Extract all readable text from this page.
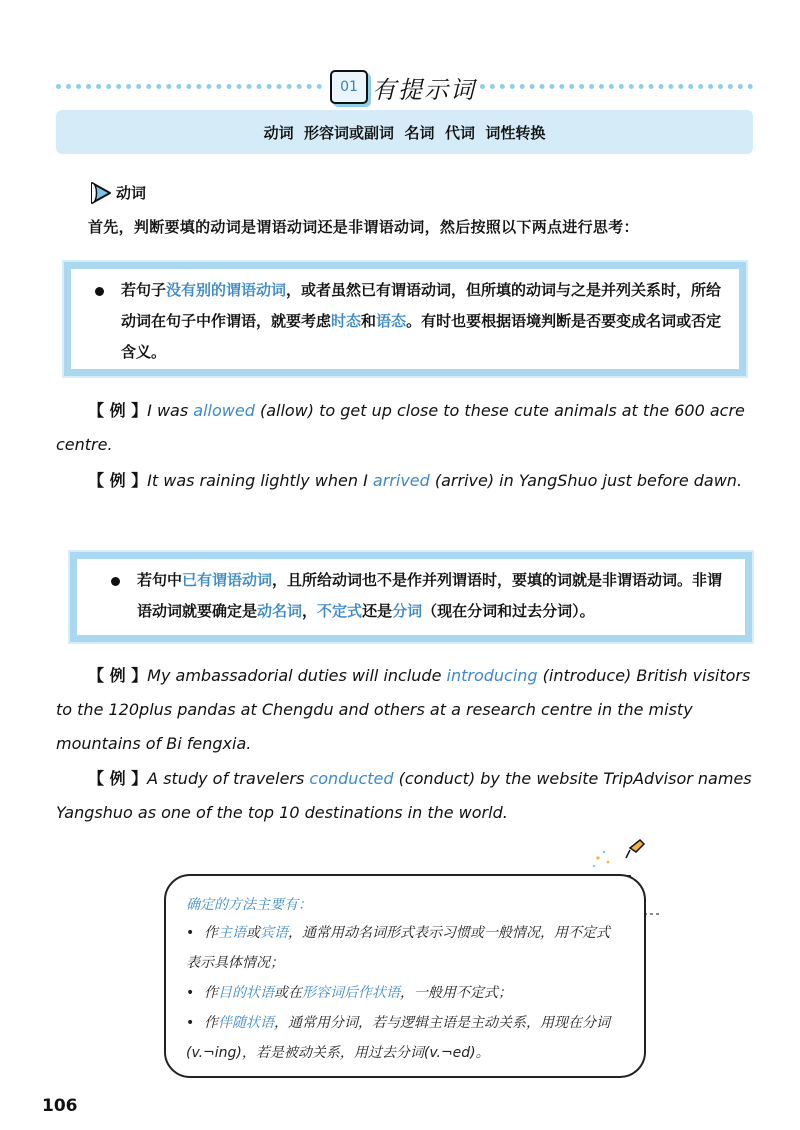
01 有提示词
动词  形容词或副词  名词  代词  词性转换
动词
首先，判断要填的动词是谓语动词还是非谓语动词，然后按照以下两点进行思考：

若句子没有别的谓语动词，或者虽然已有谓语动词，但所填的动词与之是并列关系时，所给动词在句子中作谓语，就要考虑时态和语态。有时也要根据语境判断是否要变成名词或否定含义。

【 例 】I was allowed (allow) to get up close to these cute animals at the 600 acre centre.

【 例 】It was raining lightly when I arrived (arrive) in YangShuo just before dawn.

若句中已有谓语动词，且所给动词也不是作并列谓语时，要填的词就是非谓语动词。非谓语动词就要确定是动名词，不定式还是分词（现在分词和过去分词）。

【 例 】My ambassadorial duties will include introducing (introduce) British visitors to the 120plus pandas at Chengdu and others at a research centre in the misty mountains of Bi fengxia.

【 例 】A study of travelers conducted (conduct) by the website TripAdvisor names Yangshuo as one of the top 10 destinations in the world.

确定的方法主要有：
• 作主语或宾语，通常用动名词形式表示习惯或一般情况，用不定式表示具体情况；
• 作目的状语或在形容词后作状语，一般用不定式；
• 作伴随状语，通常用分词，若与逻辑主语是主动关系，用现在分词(v.¬ing)，若是被动关系，用过去分词(v.¬ed)。
106
